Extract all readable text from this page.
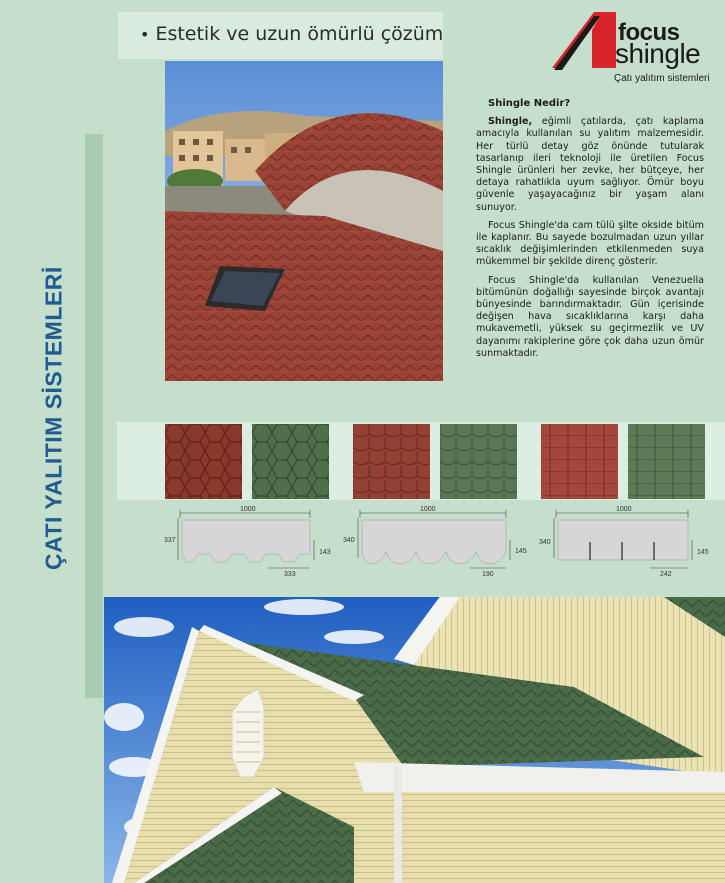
ÇATI YALITIM SİSTEMLERİ
• Estetik ve uzun ömürlü çözüm	focus
shingle
Çatı yalıtım sistemleri
Shingle Nedir?

Shingle, eğimli çatılarda, çatı kaplama amacıyla kullanılan su yalıtım malzemesidir. Her türlü detay göz önünde tutularak tasarlanıp ileri teknoloji ile üretilen Focus Shingle ürünleri her zevke, her bütçeye, her detaya rahatlıkla uyum sağlıyor. Ömür boyu güvenle yaşayacağınız bir yaşam alanı sunuyor.

Focus Shingle'da cam tülü şilte okside bitüm ile kaplanır. Bu sayede bozulmadan uzun yıllar sıcaklık değişimlerinden etkilenmeden suya mükemmel bir şekilde direnç gösterir.

Focus Shingle'da kullanılan Venezuella bitümünün doğallığı sayesinde birçok avantajı bünyesinde barındırmaktadır. Gün içerisinde değişen hava sıcaklıklarına karşı daha mukavemetli, yüksek su geçirmezlik ve UV dayanımı rakiplerine göre çok daha uzun ömür sunmaktadır.

1000
337
143
333
1000
340
145
190
1000
340
145
242
